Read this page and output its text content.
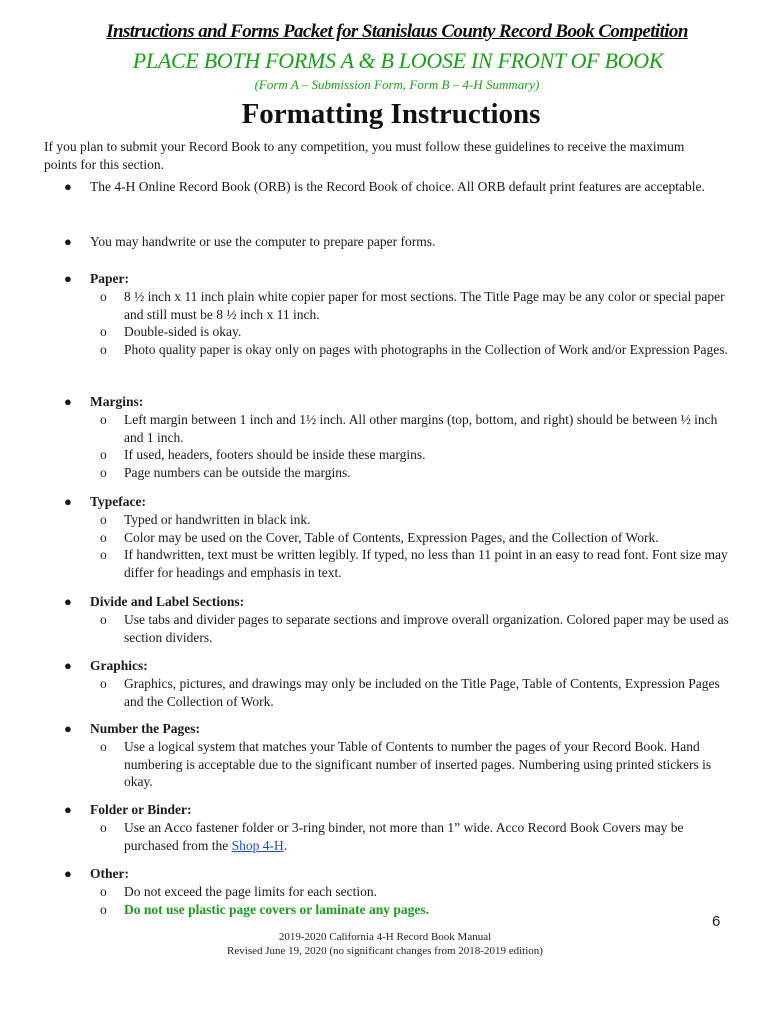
Instructions and Forms Packet for Stanislaus County Record Book Competition
PLACE BOTH FORMS A & B LOOSE IN FRONT OF BOOK
(Form A – Submission Form, Form B – 4-H Summary)
Formatting Instructions
If you plan to submit your Record Book to any competition, you must follow these guidelines to receive the maximum points for this section.
● The 4-H Online Record Book (ORB) is the Record Book of choice. All ORB default print features are acceptable.
● You may handwrite or use the computer to prepare paper forms.
● Paper:
o 8 ½ inch x 11 inch plain white copier paper for most sections. The Title Page may be any color or special paper and still must be 8 ½ inch x 11 inch.
o Double-sided is okay.
o Photo quality paper is okay only on pages with photographs in the Collection of Work and/or Expression Pages.
● Margins:
o Left margin between 1 inch and 1½ inch. All other margins (top, bottom, and right) should be between ½ inch and 1 inch.
o If used, headers, footers should be inside these margins.
o Page numbers can be outside the margins.
● Typeface:
o Typed or handwritten in black ink.
o Color may be used on the Cover, Table of Contents, Expression Pages, and the Collection of Work.
o If handwritten, text must be written legibly. If typed, no less than 11 point in an easy to read font. Font size may differ for headings and emphasis in text.
● Divide and Label Sections:
o Use tabs and divider pages to separate sections and improve overall organization. Colored paper may be used as section dividers.
● Graphics:
o Graphics, pictures, and drawings may only be included on the Title Page, Table of Contents, Expression Pages and the Collection of Work.
● Number the Pages:
o Use a logical system that matches your Table of Contents to number the pages of your Record Book. Hand numbering is acceptable due to the significant number of inserted pages. Numbering using printed stickers is okay.
● Folder or Binder:
o Use an Acco fastener folder or 3-ring binder, not more than 1” wide. Acco Record Book Covers may be purchased from the Shop 4-H.
● Other:
o Do not exceed the page limits for each section.
o Do not use plastic page covers or laminate any pages.
6
2019-2020 California 4-H Record Book Manual
Revised June 19, 2020 (no significant changes from 2018-2019 edition)
